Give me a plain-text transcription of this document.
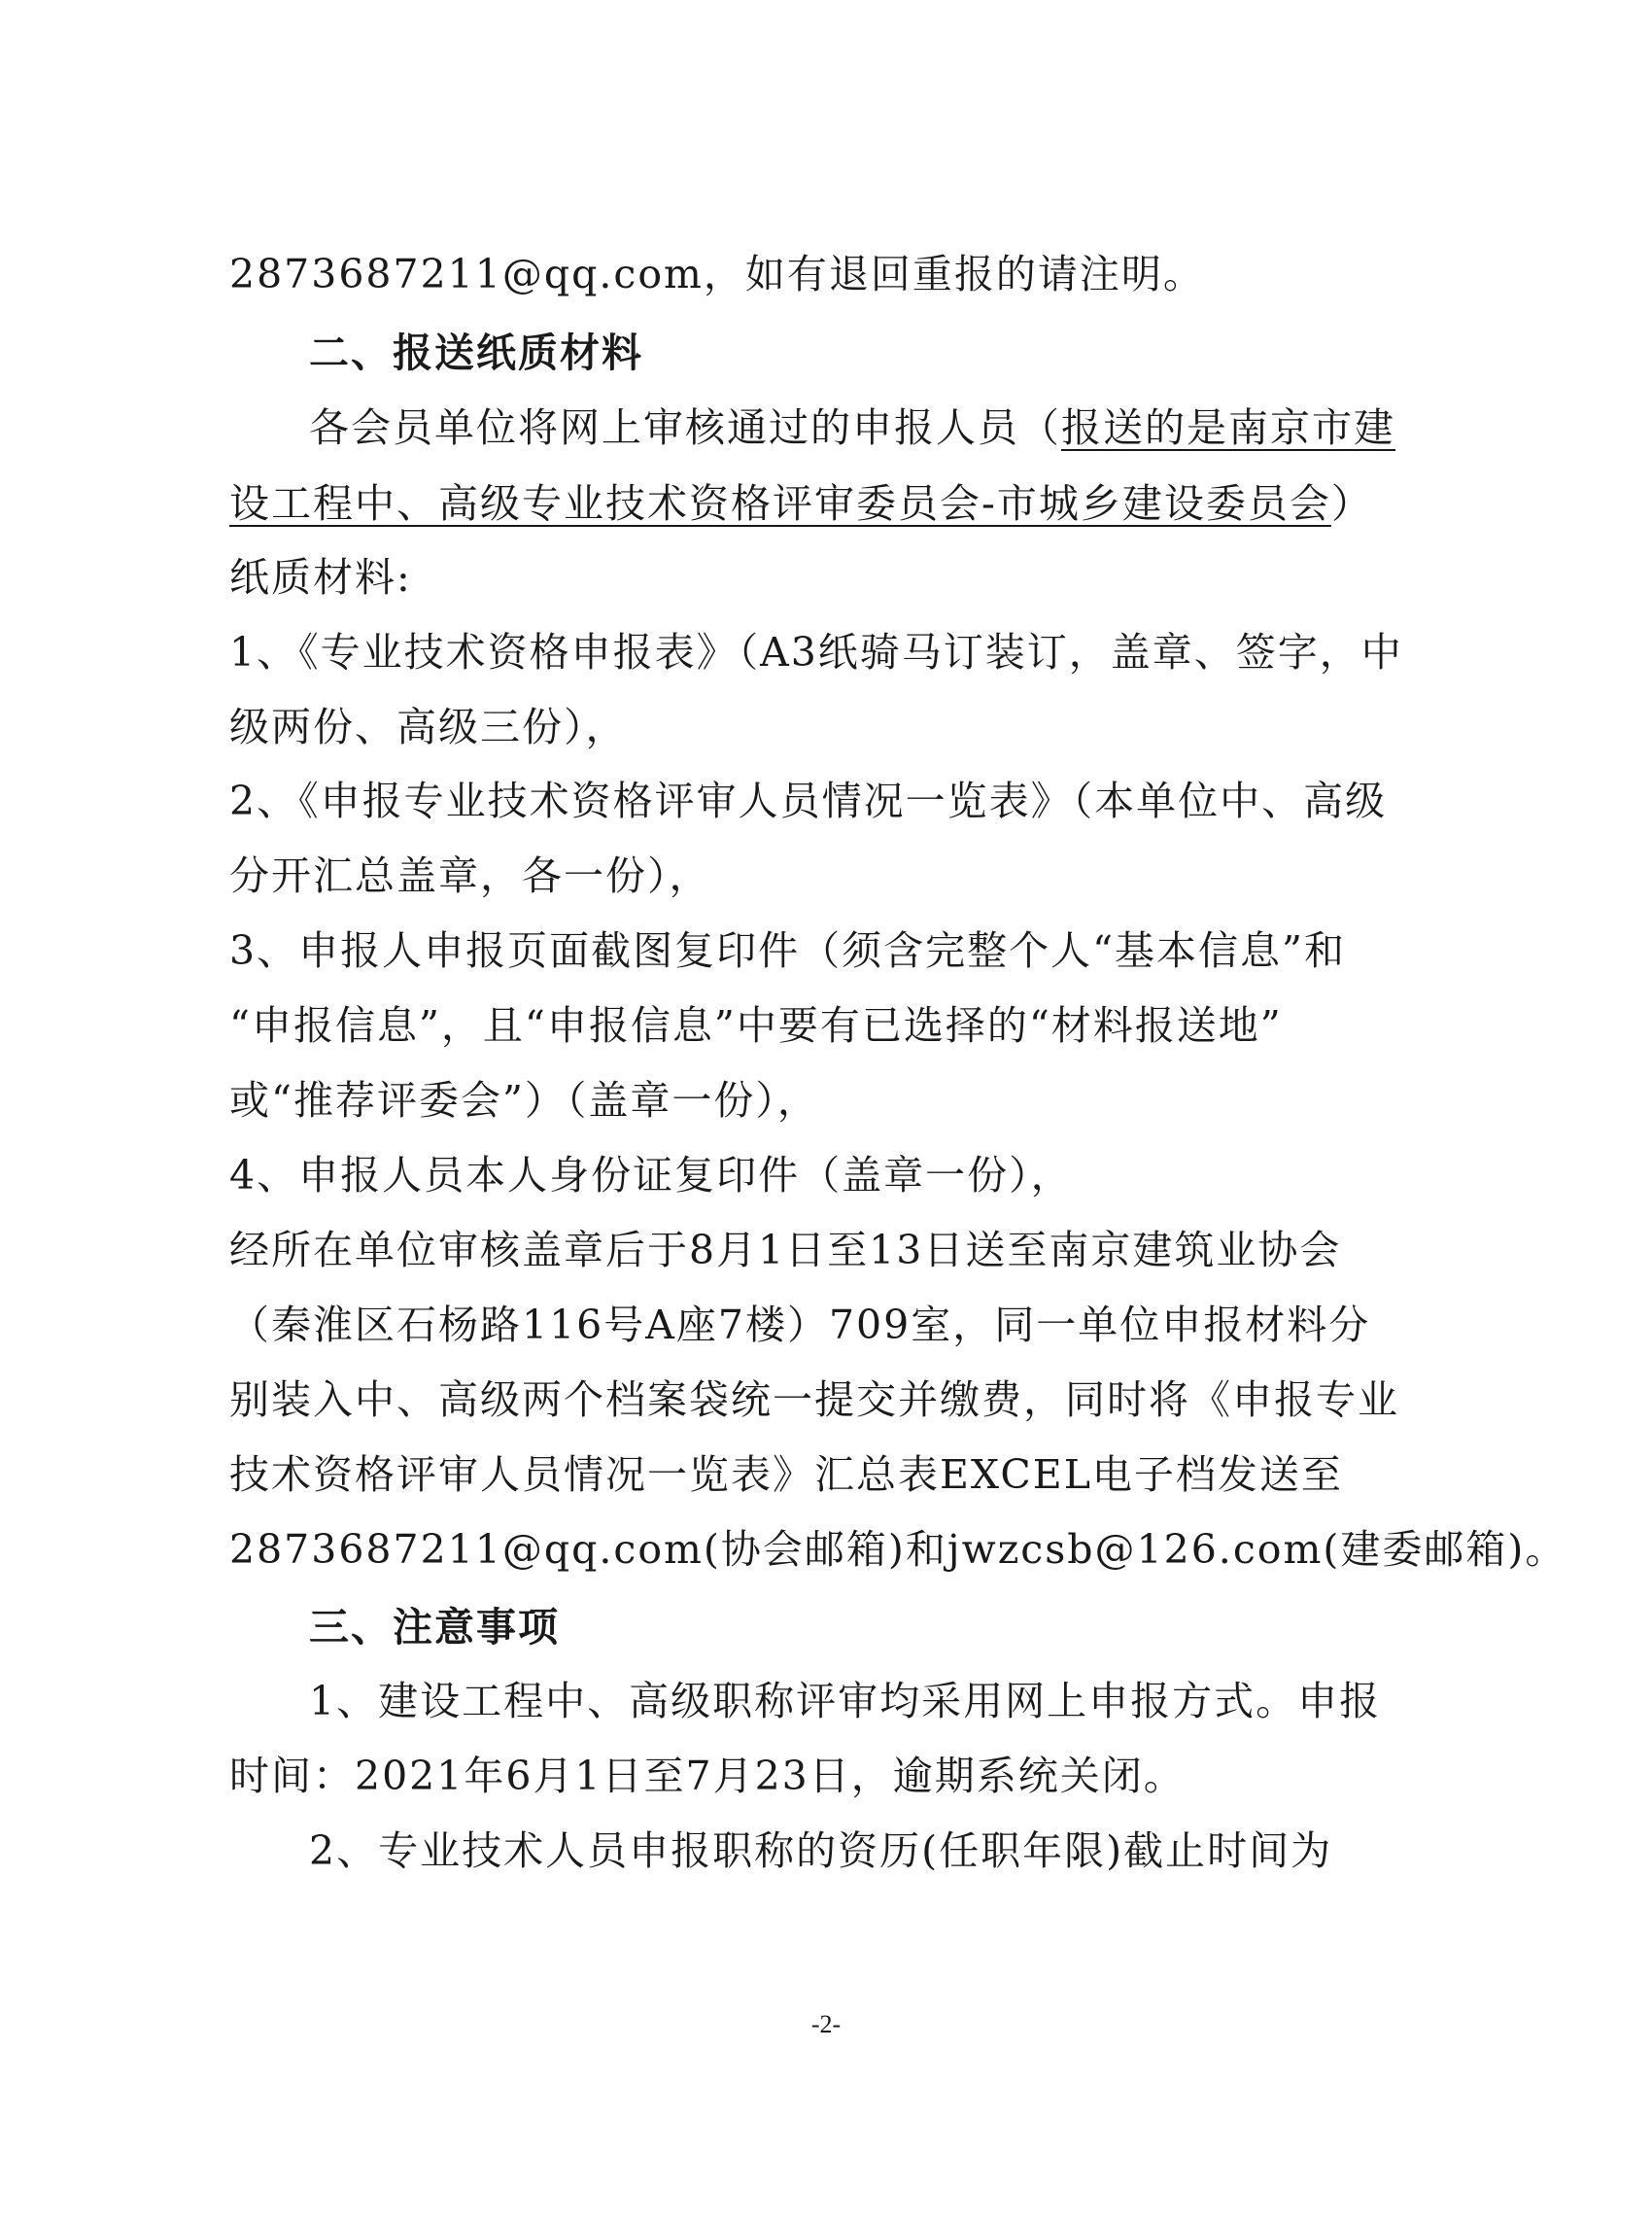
2873687211@qq.com，如有退回重报的请注明。
二、报送纸质材料
各会员单位将网上审核通过的申报人员（报送的是南京市建
设工程中、高级专业技术资格评审委员会-市城乡建设委员会）
纸质材料:
1、《专业技术资格申报表》（A3纸骑马订装订，盖章、签字，中
级两份、高级三份），
2、《申报专业技术资格评审人员情况一览表》（本单位中、高级
分开汇总盖章，各一份），
3、申报人申报页面截图复印件（须含完整个人“基本信息”和
“申报信息”，且“申报信息”中要有已选择的“材料报送地”
或“推荐评委会”）（盖章一份），
4、申报人员本人身份证复印件（盖章一份），
经所在单位审核盖章后于8月1日至13日送至南京建筑业协会
（秦淮区石杨路116号A座7楼）709室，同一单位申报材料分
别装入中、高级两个档案袋统一提交并缴费，同时将《申报专业
技术资格评审人员情况一览表》汇总表EXCEL电子档发送至
2873687211@qq.com(协会邮箱)和jwzcsb@126.com(建委邮箱)。
三、注意事项
1、建设工程中、高级职称评审均采用网上申报方式。申报
时间：2021年6月1日至7月23日，逾期系统关闭。
2、专业技术人员申报职称的资历(任职年限)截止时间为
-2-
